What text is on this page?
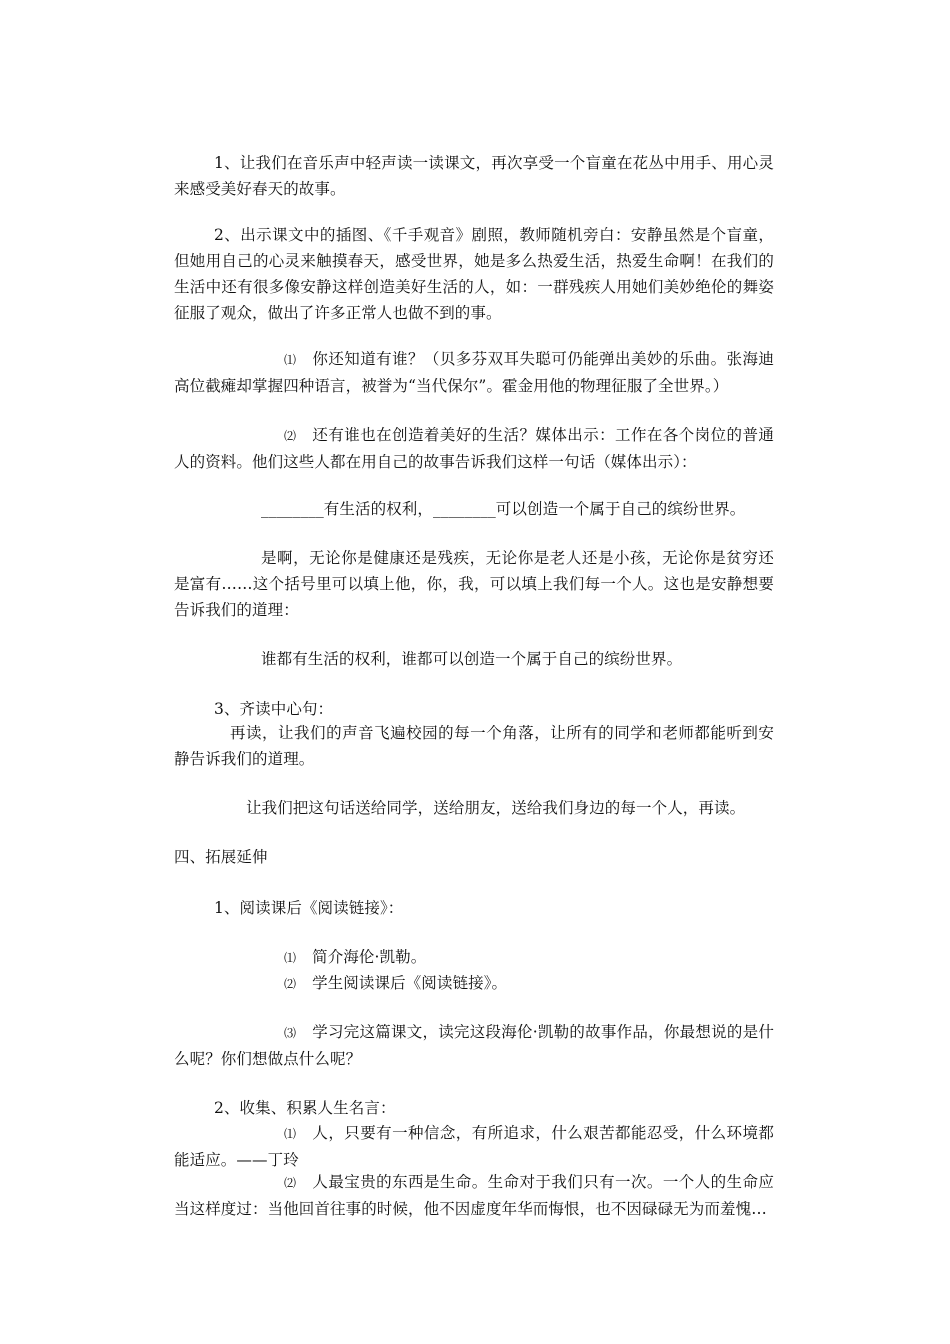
1、让我们在音乐声中轻声读一读课文，再次享受一个盲童在花丛中用手、用心灵来感受美好春天的故事。

2、出示课文中的插图、《千手观音》剧照，教师随机旁白：安静虽然是个盲童，但她用自己的心灵来触摸春天，感受世界，她是多么热爱生活，热爱生命啊！在我们的生活中还有很多像安静这样创造美好生活的人，如：一群残疾人用她们美妙绝伦的舞姿征服了观众，做出了许多正常人也做不到的事。

⑴ 你还知道有谁？（贝多芬双耳失聪可仍能弹出美妙的乐曲。张海迪高位截瘫却掌握四种语言，被誉为“当代保尔”。霍金用他的物理征服了全世界。）

⑵ 还有谁也在创造着美好的生活？媒体出示：工作在各个岗位的普通人的资料。他们这些人都在用自己的故事告诉我们这样一句话（媒体出示）：

________有生活的权利，________可以创造一个属于自己的缤纷世界。

是啊，无论你是健康还是残疾，无论你是老人还是小孩，无论你是贫穷还是富有……这个括号里可以填上他，你，我，可以填上我们每一个人。这也是安静想要告诉我们的道理：

谁都有生活的权利，谁都可以创造一个属于自己的缤纷世界。

3、齐读中心句：

再读，让我们的声音飞遍校园的每一个角落，让所有的同学和老师都能听到安静告诉我们的道理。

让我们把这句话送给同学，送给朋友，送给我们身边的每一个人，再读。

四、拓展延伸

1、阅读课后《阅读链接》：

⑴ 简介海伦·凯勒。

⑵ 学生阅读课后《阅读链接》。

⑶ 学习完这篇课文，读完这段海伦·凯勒的故事作品，你最想说的是什么呢？你们想做点什么呢？

2、收集、积累人生名言：

⑴ 人，只要有一种信念，有所追求，什么艰苦都能忍受，什么环境都能适应。——丁玲

⑵ 人最宝贵的东西是生命。生命对于我们只有一次。一个人的生命应当这样度过：当他回首往事的时候，他不因虚度年华而悔恨，也不因碌碌无为而羞愧…
